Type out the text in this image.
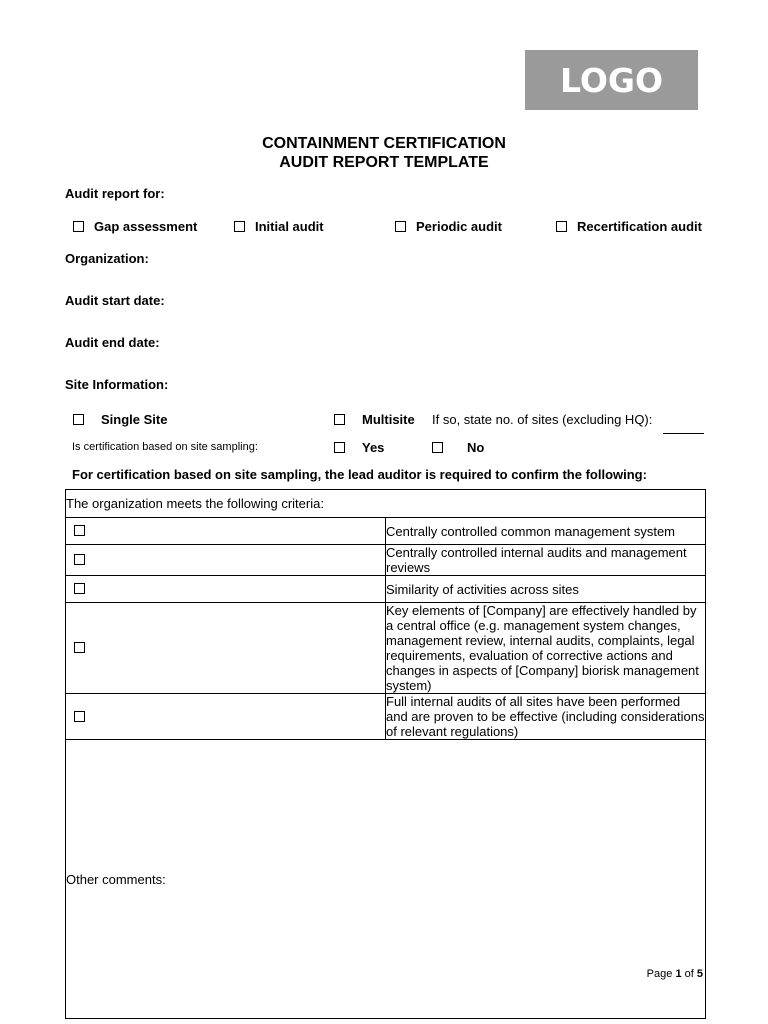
LOGO
CONTAINMENT CERTIFICATION
AUDIT REPORT TEMPLATE
Audit report for:
Gap assessment	Initial audit	Periodic audit	Recertification audit
Organization:
Audit start date:
Audit end date:
Site Information:
Single Site	Multisite If so, state no. of sites (excluding HQ):
Is certification based on site sampling:	Yes	No
For certification based on site sampling, the lead auditor is required to confirm the following:
The organization meets the following criteria:	

	Centrally controlled common management system

	Centrally controlled internal audits and management reviews

	Similarity of activities across sites

	Key elements of [Company] are effectively handled by a central office (e.g. management system changes, management review, internal audits, complaints, legal requirements, evaluation of corrective actions and changes in aspects of [Company] biorisk management system)

	Full internal audits of all sites have been performed and are proven to be effective (including considerations of relevant regulations)
Other comments:	
Page 1 of 5
